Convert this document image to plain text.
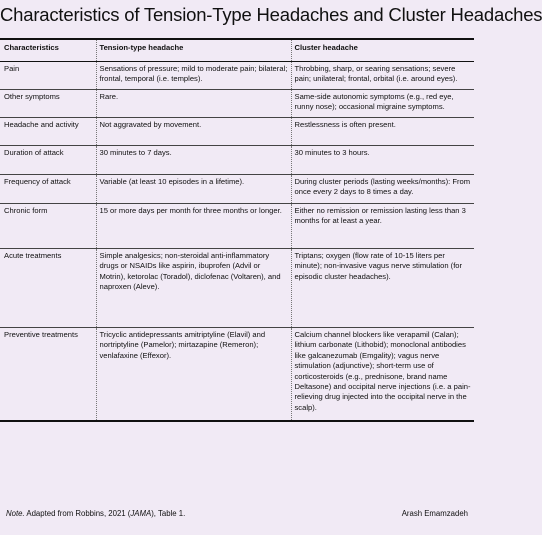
Characteristics of Tension-Type Headaches and Cluster Headaches
Characteristics	Tension-type headache	Cluster headache
Pain	Sensations of pressure; mild to moderate pain; bilateral; frontal, temporal (i.e. temples).	Throbbing, sharp, or searing sensations; severe pain; unilateral; frontal, orbital (i.e. around eyes).
Other symptoms	Rare.	Same-side autonomic symptoms (e.g., red eye, runny nose); occasional migraine symptoms.
Headache and activity	Not aggravated by movement.	Restlessness is often present.
Duration of attack	30 minutes to 7 days.	30 minutes to 3 hours.
Frequency of attack	Variable (at least 10 episodes in a lifetime).	During cluster periods (lasting weeks/months): From once every 2 days to 8 times a day.
Chronic form	15 or more days per month for three months or longer.	Either no remission or remission lasting less than 3 months for at least a year.
Acute treatments	Simple analgesics; non-steroidal anti-inflammatory drugs or NSAIDs like aspirin, ibuprofen (Advil or Motrin), ketorolac (Toradol), diclofenac (Voltaren), and naproxen (Aleve).	Triptans; oxygen (flow rate of 10-15 liters per minute); non-invasive vagus nerve stimulation (for episodic cluster headaches).
Preventive treatments	Tricyclic antidepressants amitriptyline (Elavil) and nortriptyline (Pamelor); mirtazapine (Remeron); venlafaxine (Effexor).	Calcium channel blockers like verapamil (Calan); lithium carbonate (Lithobid); monoclonal antibodies like galcanezumab (Emgality); vagus nerve stimulation (adjunctive); short-term use of corticosteroids (e.g., prednisone, brand name Deltasone) and occipital nerve injections (i.e. a pain-relieving drug injected into the occipital nerve in the scalp).
Note. Adapted from Robbins, 2021 (JAMA), Table 1.	Arash Emamzadeh
